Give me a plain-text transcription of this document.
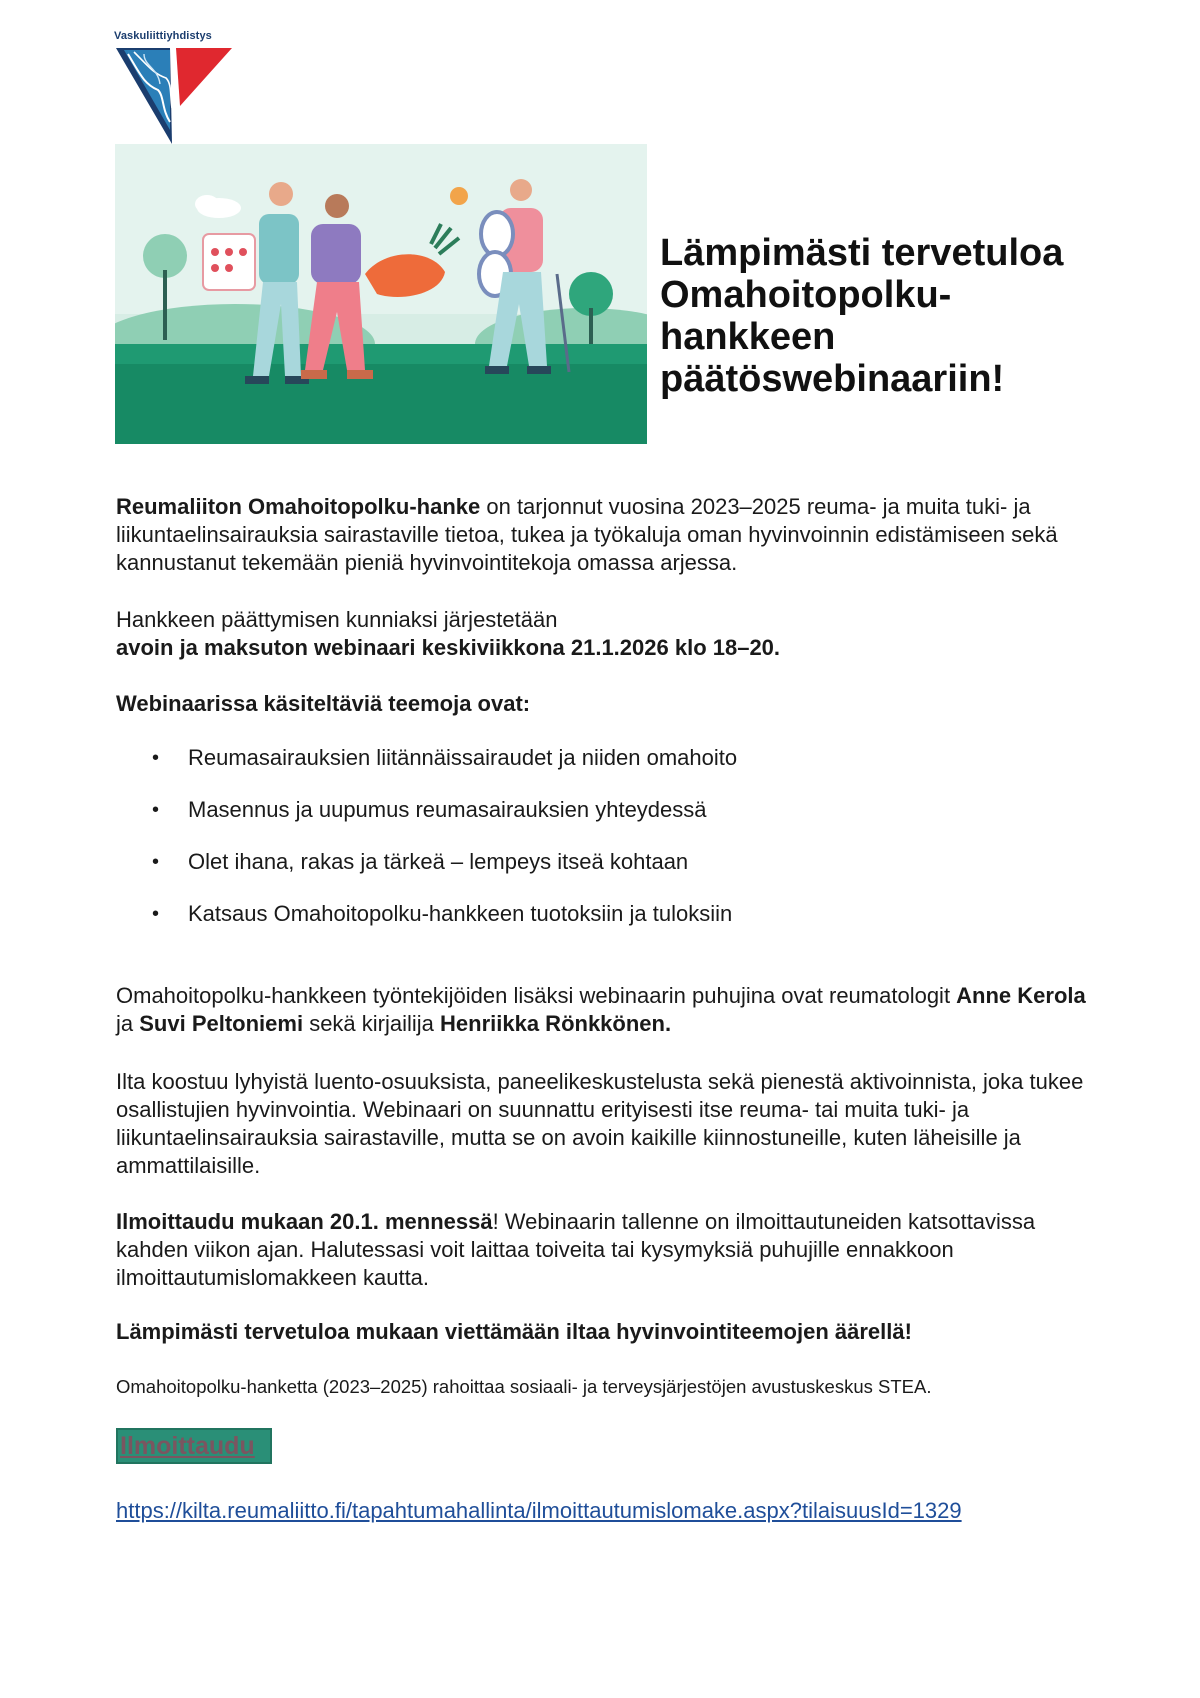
Vaskuliittiyhdistys
Lämpimästi tervetuloa Omahoitopolku-hankkeen päätöswebinaariin!

Reumaliiton Omahoitopolku-hanke on tarjonnut vuosina 2023–2025 reuma- ja muita tuki- ja liikuntaelinsairauksia sairastaville tietoa, tukea ja työkaluja oman hyvinvoinnin edistämiseen sekä kannustanut tekemään pieniä hyvinvointitekoja omassa arjessa.

Hankkeen päättymisen kunniaksi järjestetään
avoin ja maksuton webinaari keskiviikkona 21.1.2026 klo 18–20.

Webinaarissa käsiteltäviä teemoja ovat:

• Reumasairauksien liitännäissairaudet ja niiden omahoito
• Masennus ja uupumus reumasairauksien yhteydessä
• Olet ihana, rakas ja tärkeä – lempeys itseä kohtaan
• Katsaus Omahoitopolku-hankkeen tuotoksiin ja tuloksiin

Omahoitopolku-hankkeen työntekijöiden lisäksi webinaarin puhujina ovat reumatologit Anne Kerola ja Suvi Peltoniemi sekä kirjailija Henriikka Rönkkönen.

Ilta koostuu lyhyistä luento-osuuksista, paneelikeskustelusta sekä pienestä aktivoinnista, joka tukee osallistujien hyvinvointia. Webinaari on suunnattu erityisesti itse reuma- tai muita tuki- ja liikuntaelinsairauksia sairastaville, mutta se on avoin kaikille kiinnostuneille, kuten läheisille ja ammattilaisille.

Ilmoittaudu mukaan 20.1. mennessä! Webinaarin tallenne on ilmoittautuneiden katsottavissa kahden viikon ajan. Halutessasi voit laittaa toiveita tai kysymyksiä puhujille ennakkoon ilmoittautumislomakkeen kautta.

Lämpimästi tervetuloa mukaan viettämään iltaa hyvinvointiteemojen äärellä!

Omahoitopolku-hanketta (2023–2025) rahoittaa sosiaali- ja terveysjärjestöjen avustuskeskus STEA.

Ilmoittaudu
https://kilta.reumaliitto.fi/tapahtumahallinta/ilmoittautumislomake.aspx?tilaisuusId=1329
